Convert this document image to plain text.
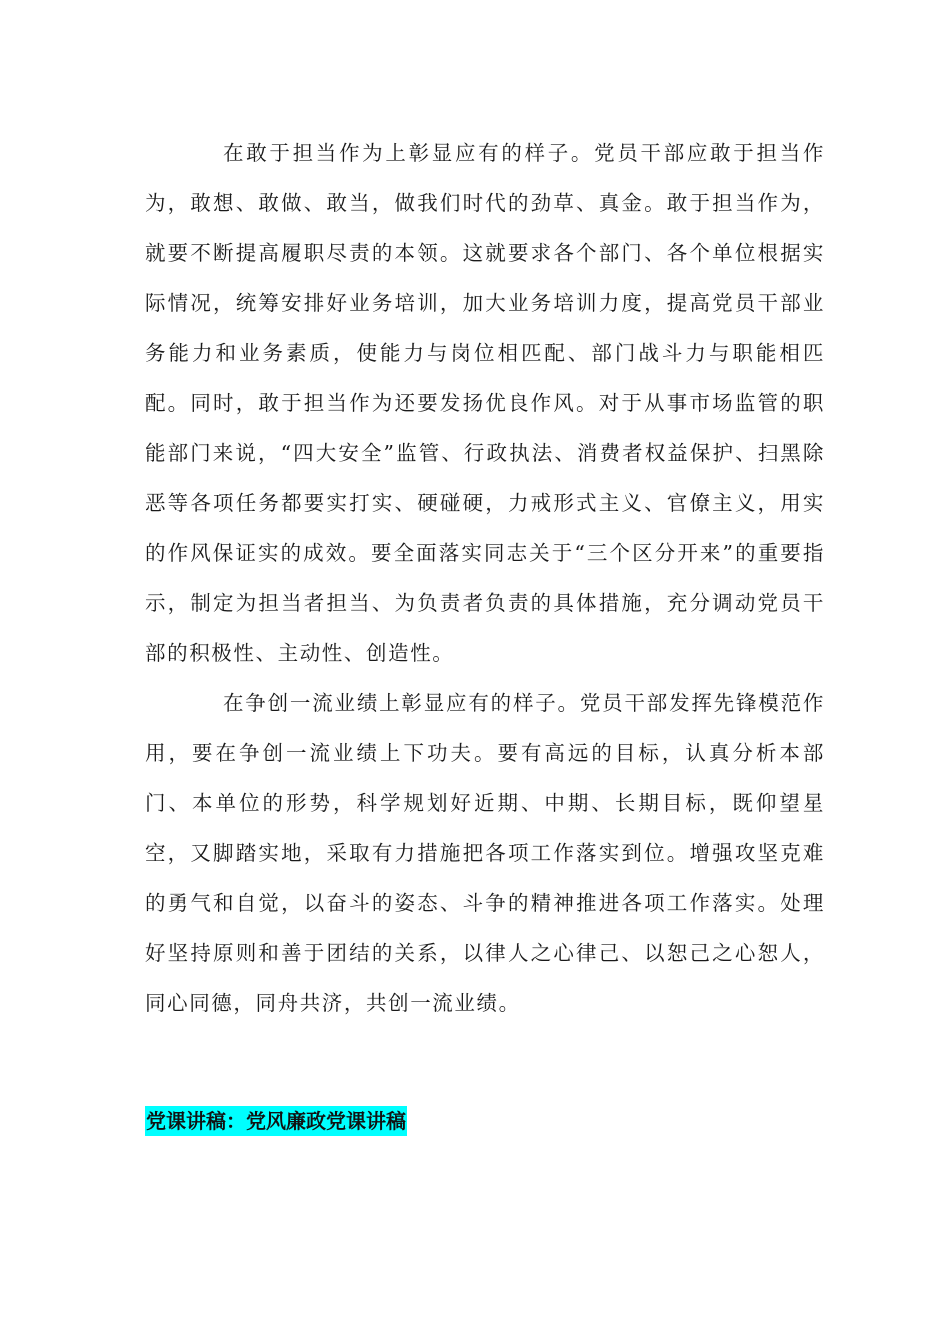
在敢于担当作为上彰显应有的样子。党员干部应敢于担当作为，敢想、敢做、敢当，做我们时代的劲草、真金。敢于担当作为，就要不断提高履职尽责的本领。这就要求各个部门、各个单位根据实际情况，统筹安排好业务培训，加大业务培训力度，提高党员干部业务能力和业务素质，使能力与岗位相匹配、部门战斗力与职能相匹配。同时，敢于担当作为还要发扬优良作风。对于从事市场监管的职能部门来说，“四大安全”监管、行政执法、消费者权益保护、扫黑除恶等各项任务都要实打实、硬碰硬，力戒形式主义、官僚主义，用实的作风保证实的成效。要全面落实同志关于“三个区分开来”的重要指示，制定为担当者担当、为负责者负责的具体措施，充分调动党员干部的积极性、主动性、创造性。

在争创一流业绩上彰显应有的样子。党员干部发挥先锋模范作用，要在争创一流业绩上下功夫。要有高远的目标，认真分析本部门、本单位的形势，科学规划好近期、中期、长期目标，既仰望星空，又脚踏实地，采取有力措施把各项工作落实到位。增强攻坚克难的勇气和自觉，以奋斗的姿态、斗争的精神推进各项工作落实。处理好坚持原则和善于团结的关系，以律人之心律己、以恕己之心恕人，同心同德，同舟共济，共创一流业绩。

党课讲稿：党风廉政党课讲稿
